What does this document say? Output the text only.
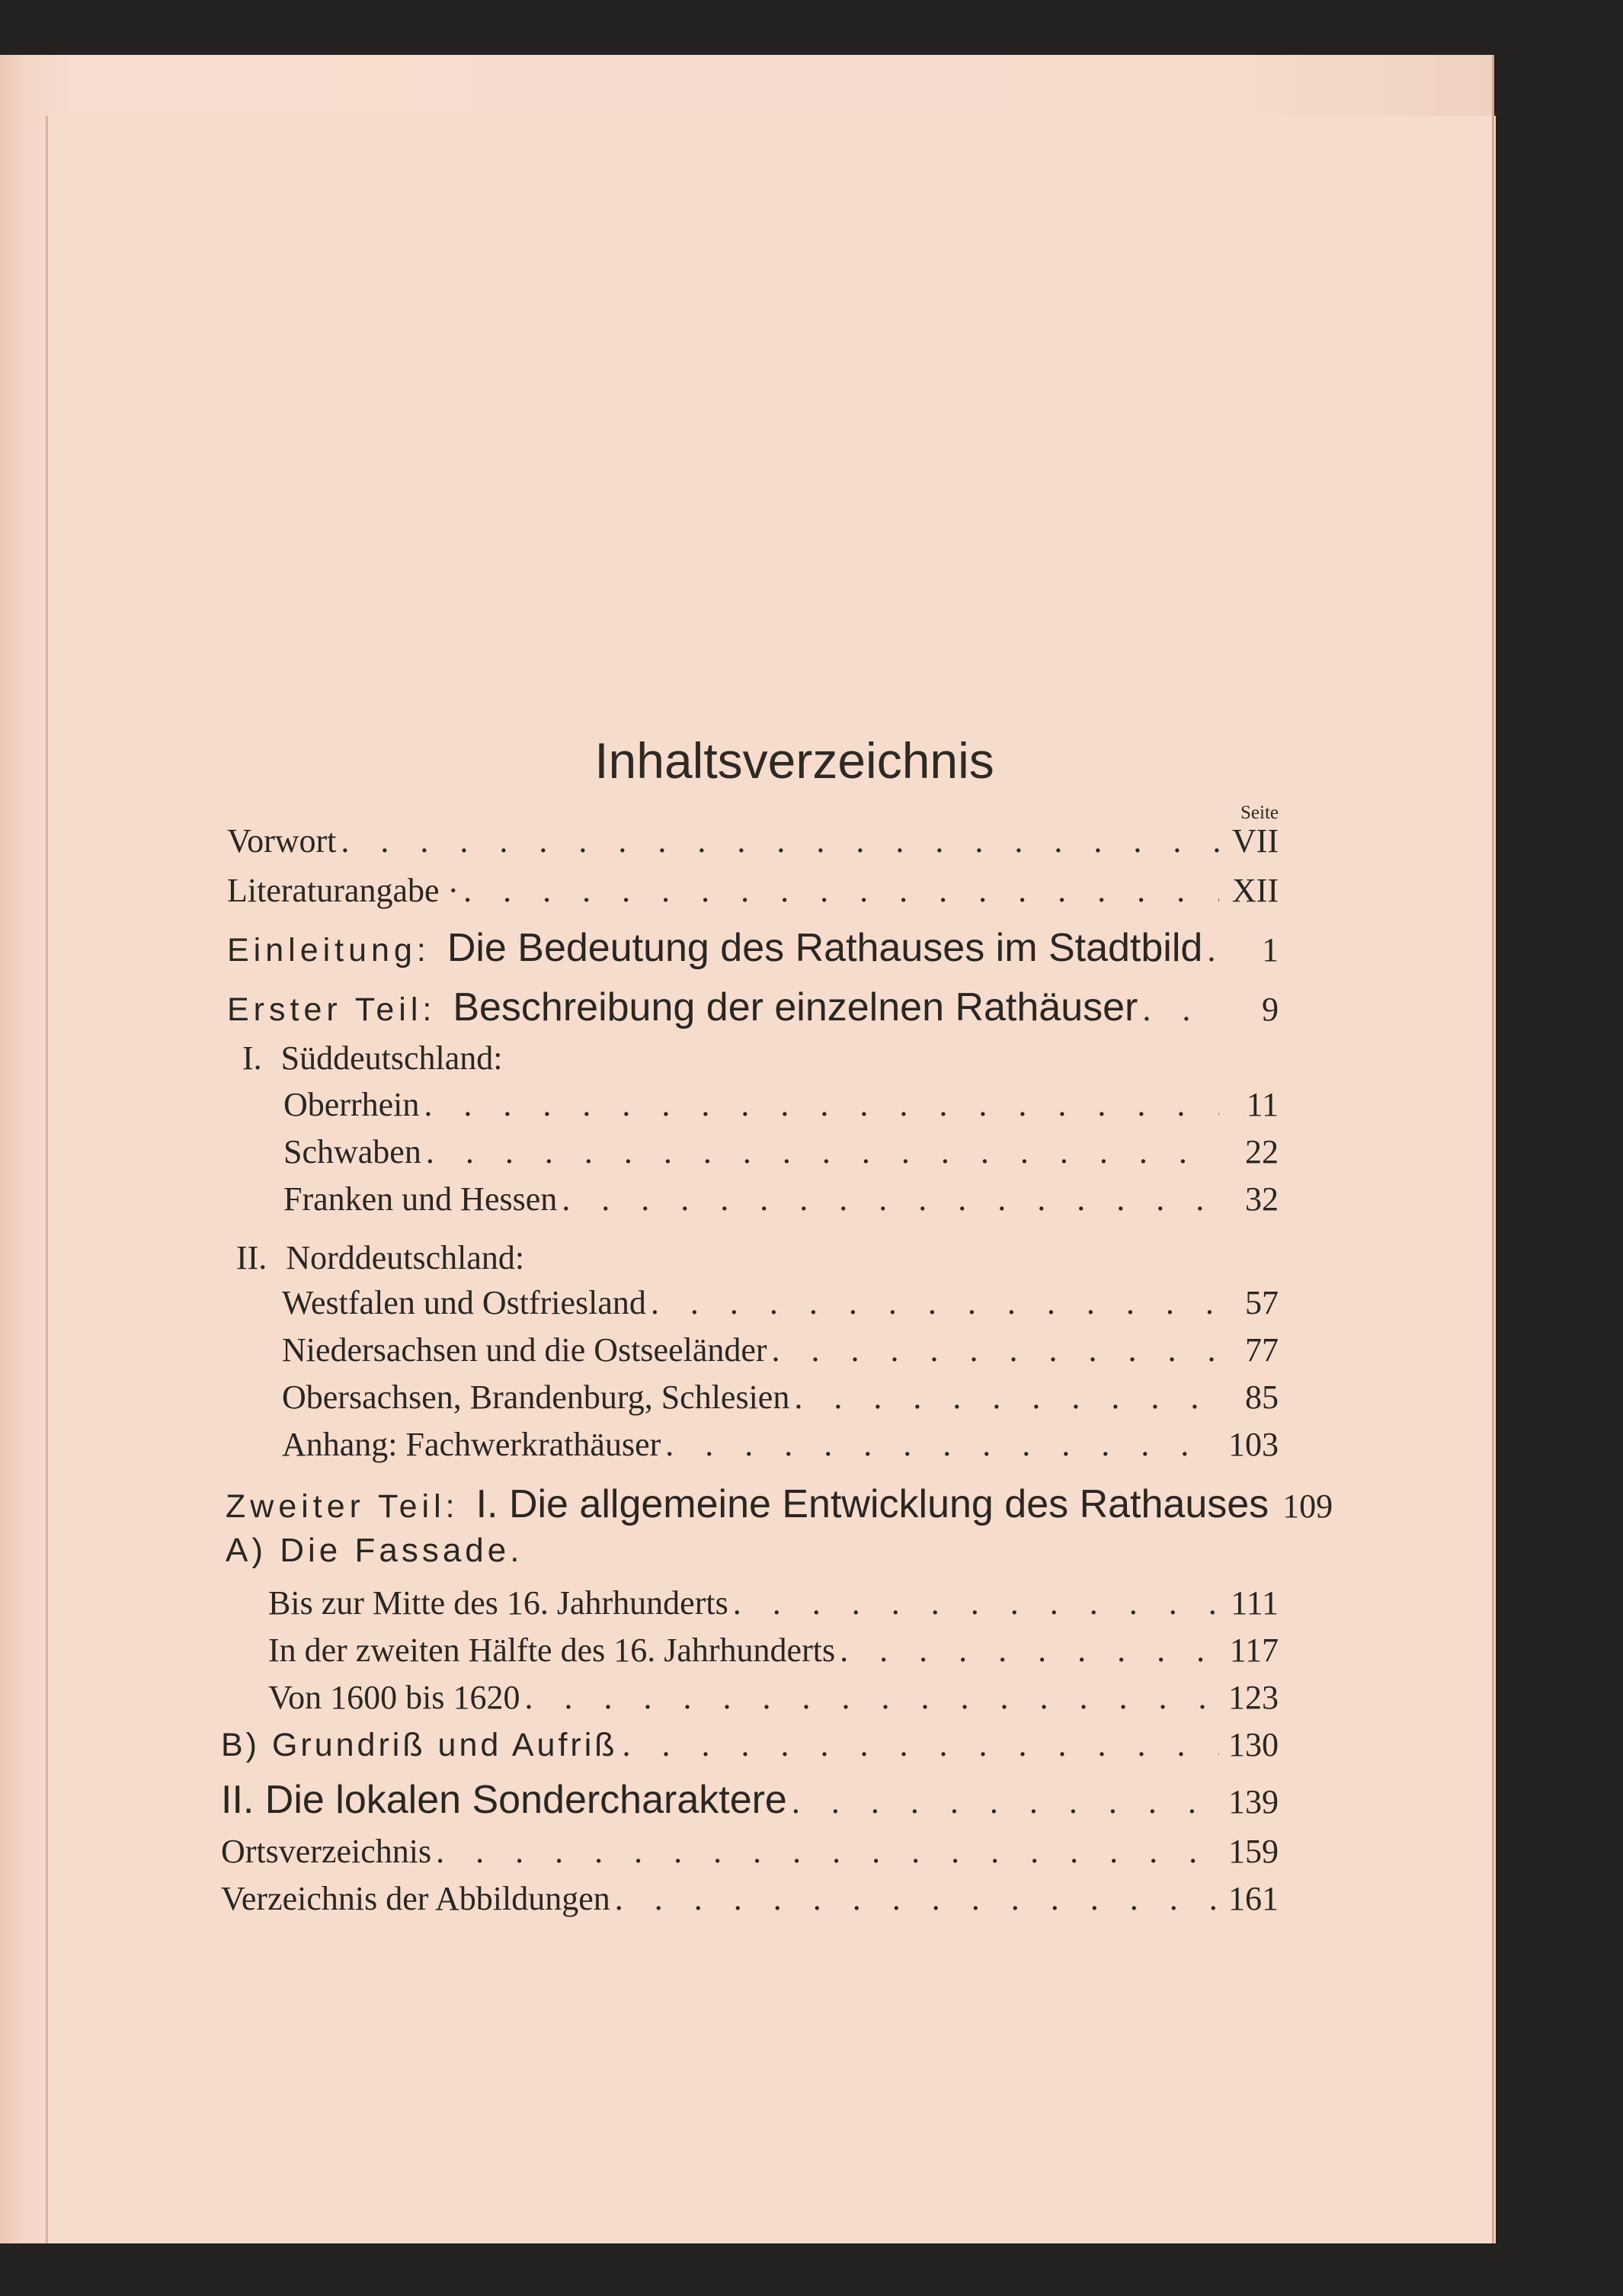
Inhaltsverzeichnis
Seite
Vorwort . . .	VII
Literaturangabe · . . .	XII
Einleitung: Die Bedeutung des Rathauses im Stadtbild . . .	1
Erster Teil: Beschreibung der einzelnen Rathäuser . . .	9
I. Süddeutschland:
Oberrhein . . .	11
Schwaben . . .	22
Franken und Hessen . . .	32
II. Norddeutschland:
Westfalen und Ostfriesland . . .	57
Niedersachsen und die Ostseeländer . . .	77
Obersachsen, Brandenburg, Schlesien . . .	85
Anhang: Fachwerkrathäuser . . .	103
Zweiter Teil: I. Die allgemeine Entwicklung des Rathauses 109
A) Die Fassade.
Bis zur Mitte des 16. Jahrhunderts . . .	111
In der zweiten Hälfte des 16. Jahrhunderts . . .	117
Von 1600 bis 1620 . . .	123
B) Grundriß und Aufriß . . .	130
II. Die lokalen Sondercharaktere . . .	139
Ortsverzeichnis . . .	159
Verzeichnis der Abbildungen . . .	161
